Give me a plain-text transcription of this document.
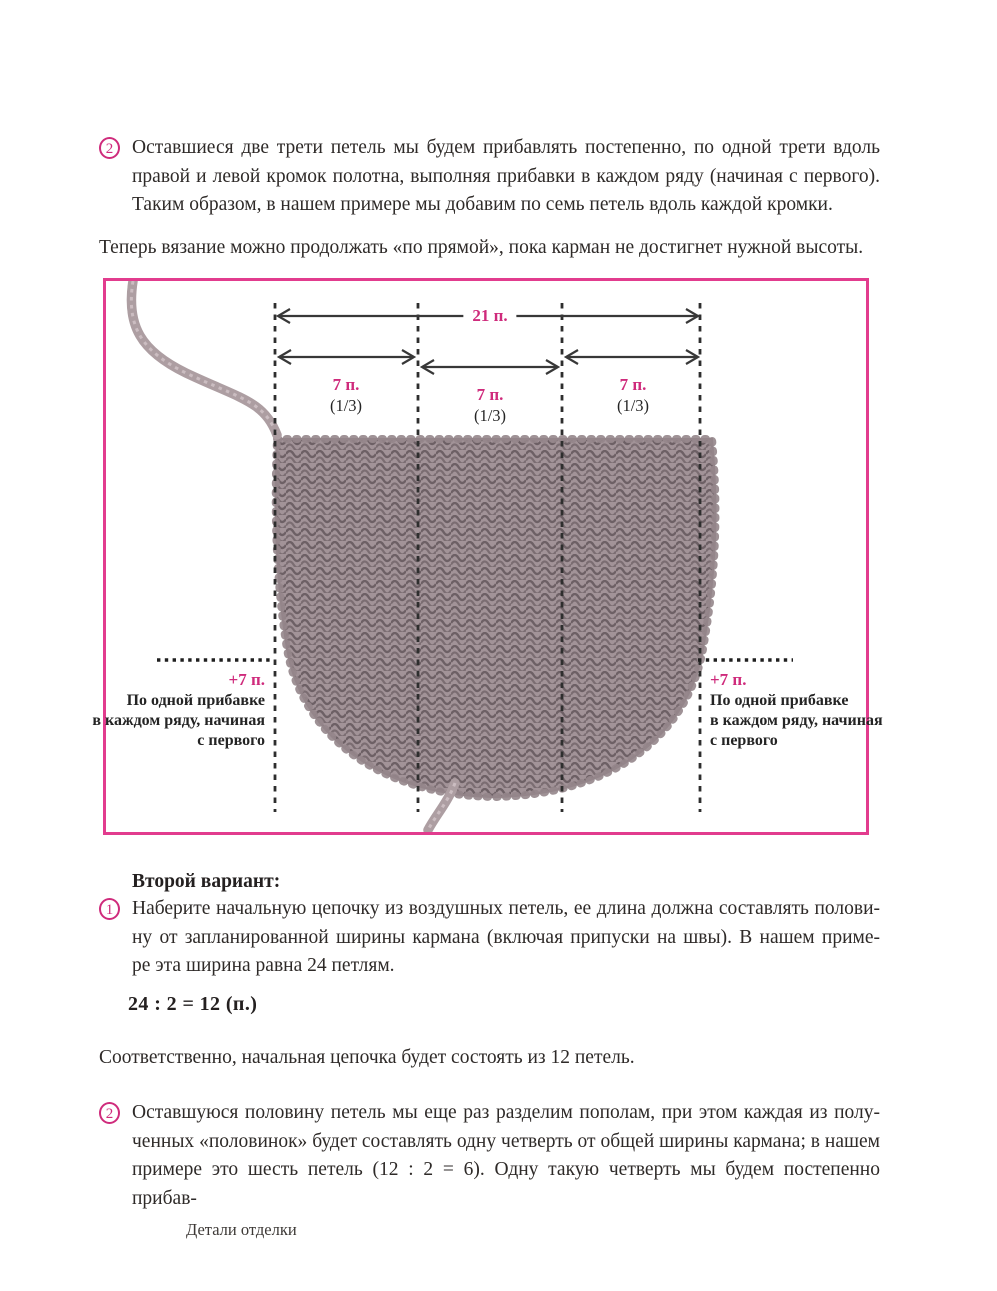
2 Оставшиеся две трети петель мы будем прибавлять постепенно, по одной трети вдоль
правой и левой кромок полотна, выполняя прибавки в каждом ряду (начиная с первого).
Таким образом, в нашем примере мы добавим по семь петель вдоль каждой кромки.
Теперь вязание можно продолжать «по прямой», пока карман не достигнет нужной высоты.
21 п.
7 п.
(1/3)
7 п.
(1/3)
7 п.
(1/3)
+7 п.
По одной прибавке
в каждом ряду, начиная
с первого
+7 п.
По одной прибавке
в каждом ряду, начиная
с первого
Второй вариант:
1 Наберите начальную цепочку из воздушных петель, ее длина должна составлять полови-
ну от запланированной ширины кармана (включая припуски на швы). В нашем приме-
ре эта ширина равна 24 петлям.
24 : 2 = 12 (п.)
Соответственно, начальная цепочка будет состоять из 12 петель.
2 Оставшуюся половину петель мы еще раз разделим пополам, при этом каждая из полу-
ченных «половинок» будет составлять одну четверть от общей ширины кармана; в нашем
примере это шесть петель (12 : 2 = 6). Одну такую четверть мы будем постепенно прибав-
276 Детали отделки
